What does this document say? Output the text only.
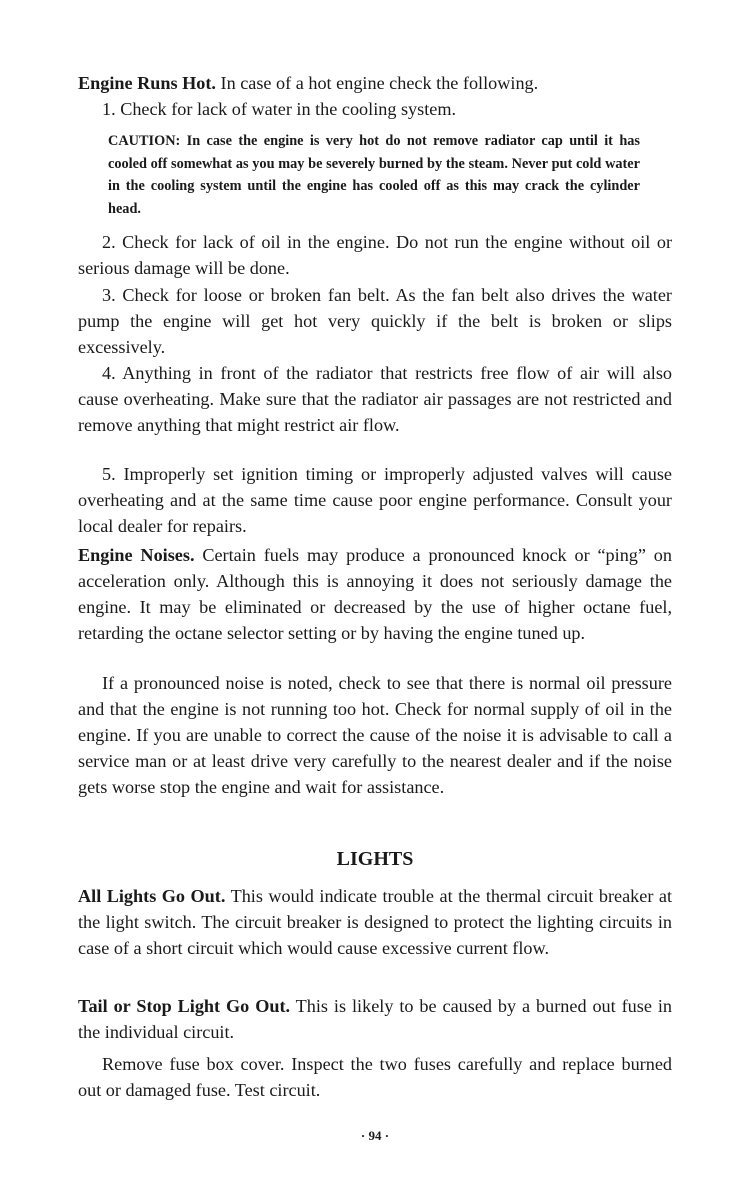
Engine Runs Hot. In case of a hot engine check the following.
1. Check for lack of water in the cooling system.
CAUTION: In case the engine is very hot do not remove radiator cap until it has cooled off somewhat as you may be severely burned by the steam. Never put cold water in the cooling system until the engine has cooled off as this may crack the cylinder head.
2. Check for lack of oil in the engine. Do not run the engine without oil or serious damage will be done.
3. Check for loose or broken fan belt. As the fan belt also drives the water pump the engine will get hot very quickly if the belt is broken or slips excessively.
4. Anything in front of the radiator that restricts free flow of air will also cause overheating. Make sure that the radiator air passages are not restricted and remove anything that might restrict air flow.
5. Improperly set ignition timing or improperly adjusted valves will cause overheating and at the same time cause poor engine performance. Consult your local dealer for repairs.
Engine Noises. Certain fuels may produce a pronounced knock or “ping” on acceleration only. Although this is annoying it does not seriously damage the engine. It may be eliminated or decreased by the use of higher octane fuel, retarding the octane selector setting or by having the engine tuned up.
If a pronounced noise is noted, check to see that there is normal oil pressure and that the engine is not running too hot. Check for normal supply of oil in the engine. If you are unable to correct the cause of the noise it is advisable to call a service man or at least drive very carefully to the nearest dealer and if the noise gets worse stop the engine and wait for assistance.
LIGHTS
All Lights Go Out. This would indicate trouble at the thermal circuit breaker at the light switch. The circuit breaker is designed to protect the lighting circuits in case of a short circuit which would cause excessive current flow.
Tail or Stop Light Go Out. This is likely to be caused by a burned out fuse in the individual circuit.
Remove fuse box cover. Inspect the two fuses carefully and replace burned out or damaged fuse. Test circuit.
· 94 ·
